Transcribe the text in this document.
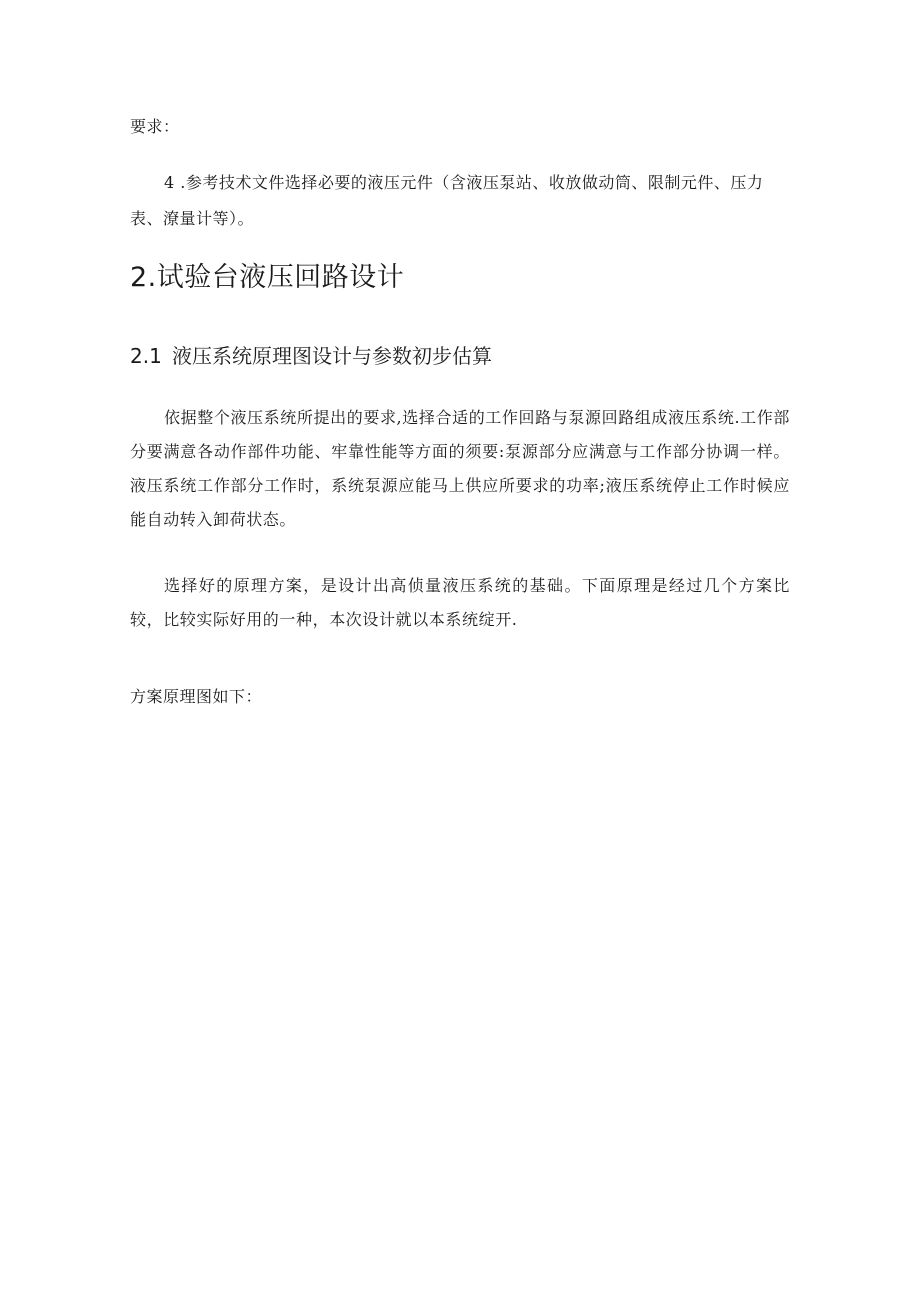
要求：
4 .参考技术文件选择必要的液压元件（含液压泵站、收放做动筒、限制元件、压力
表、潦量计等）。
2.试验台液压回路设计
2.1 液压系统原理图设计与参数初步估算
依据整个液压系统所提出的要求,选择合适的工作回路与泵源回路组成液压系统.工作部分要满意各动作部件功能、牢靠性能等方面的须要:泵源部分应满意与工作部分协调一样。液压系统工作部分工作时，系统泵源应能马上供应所要求的功率;液压系统停止工作时候应能自动转入卸荷状态。
选择好的原理方案，是设计出高侦量液压系统的基础。下面原理是经过几个方案比较，比较实际好用的一种，本次设计就以本系统绽开.
方案原理图如下：
